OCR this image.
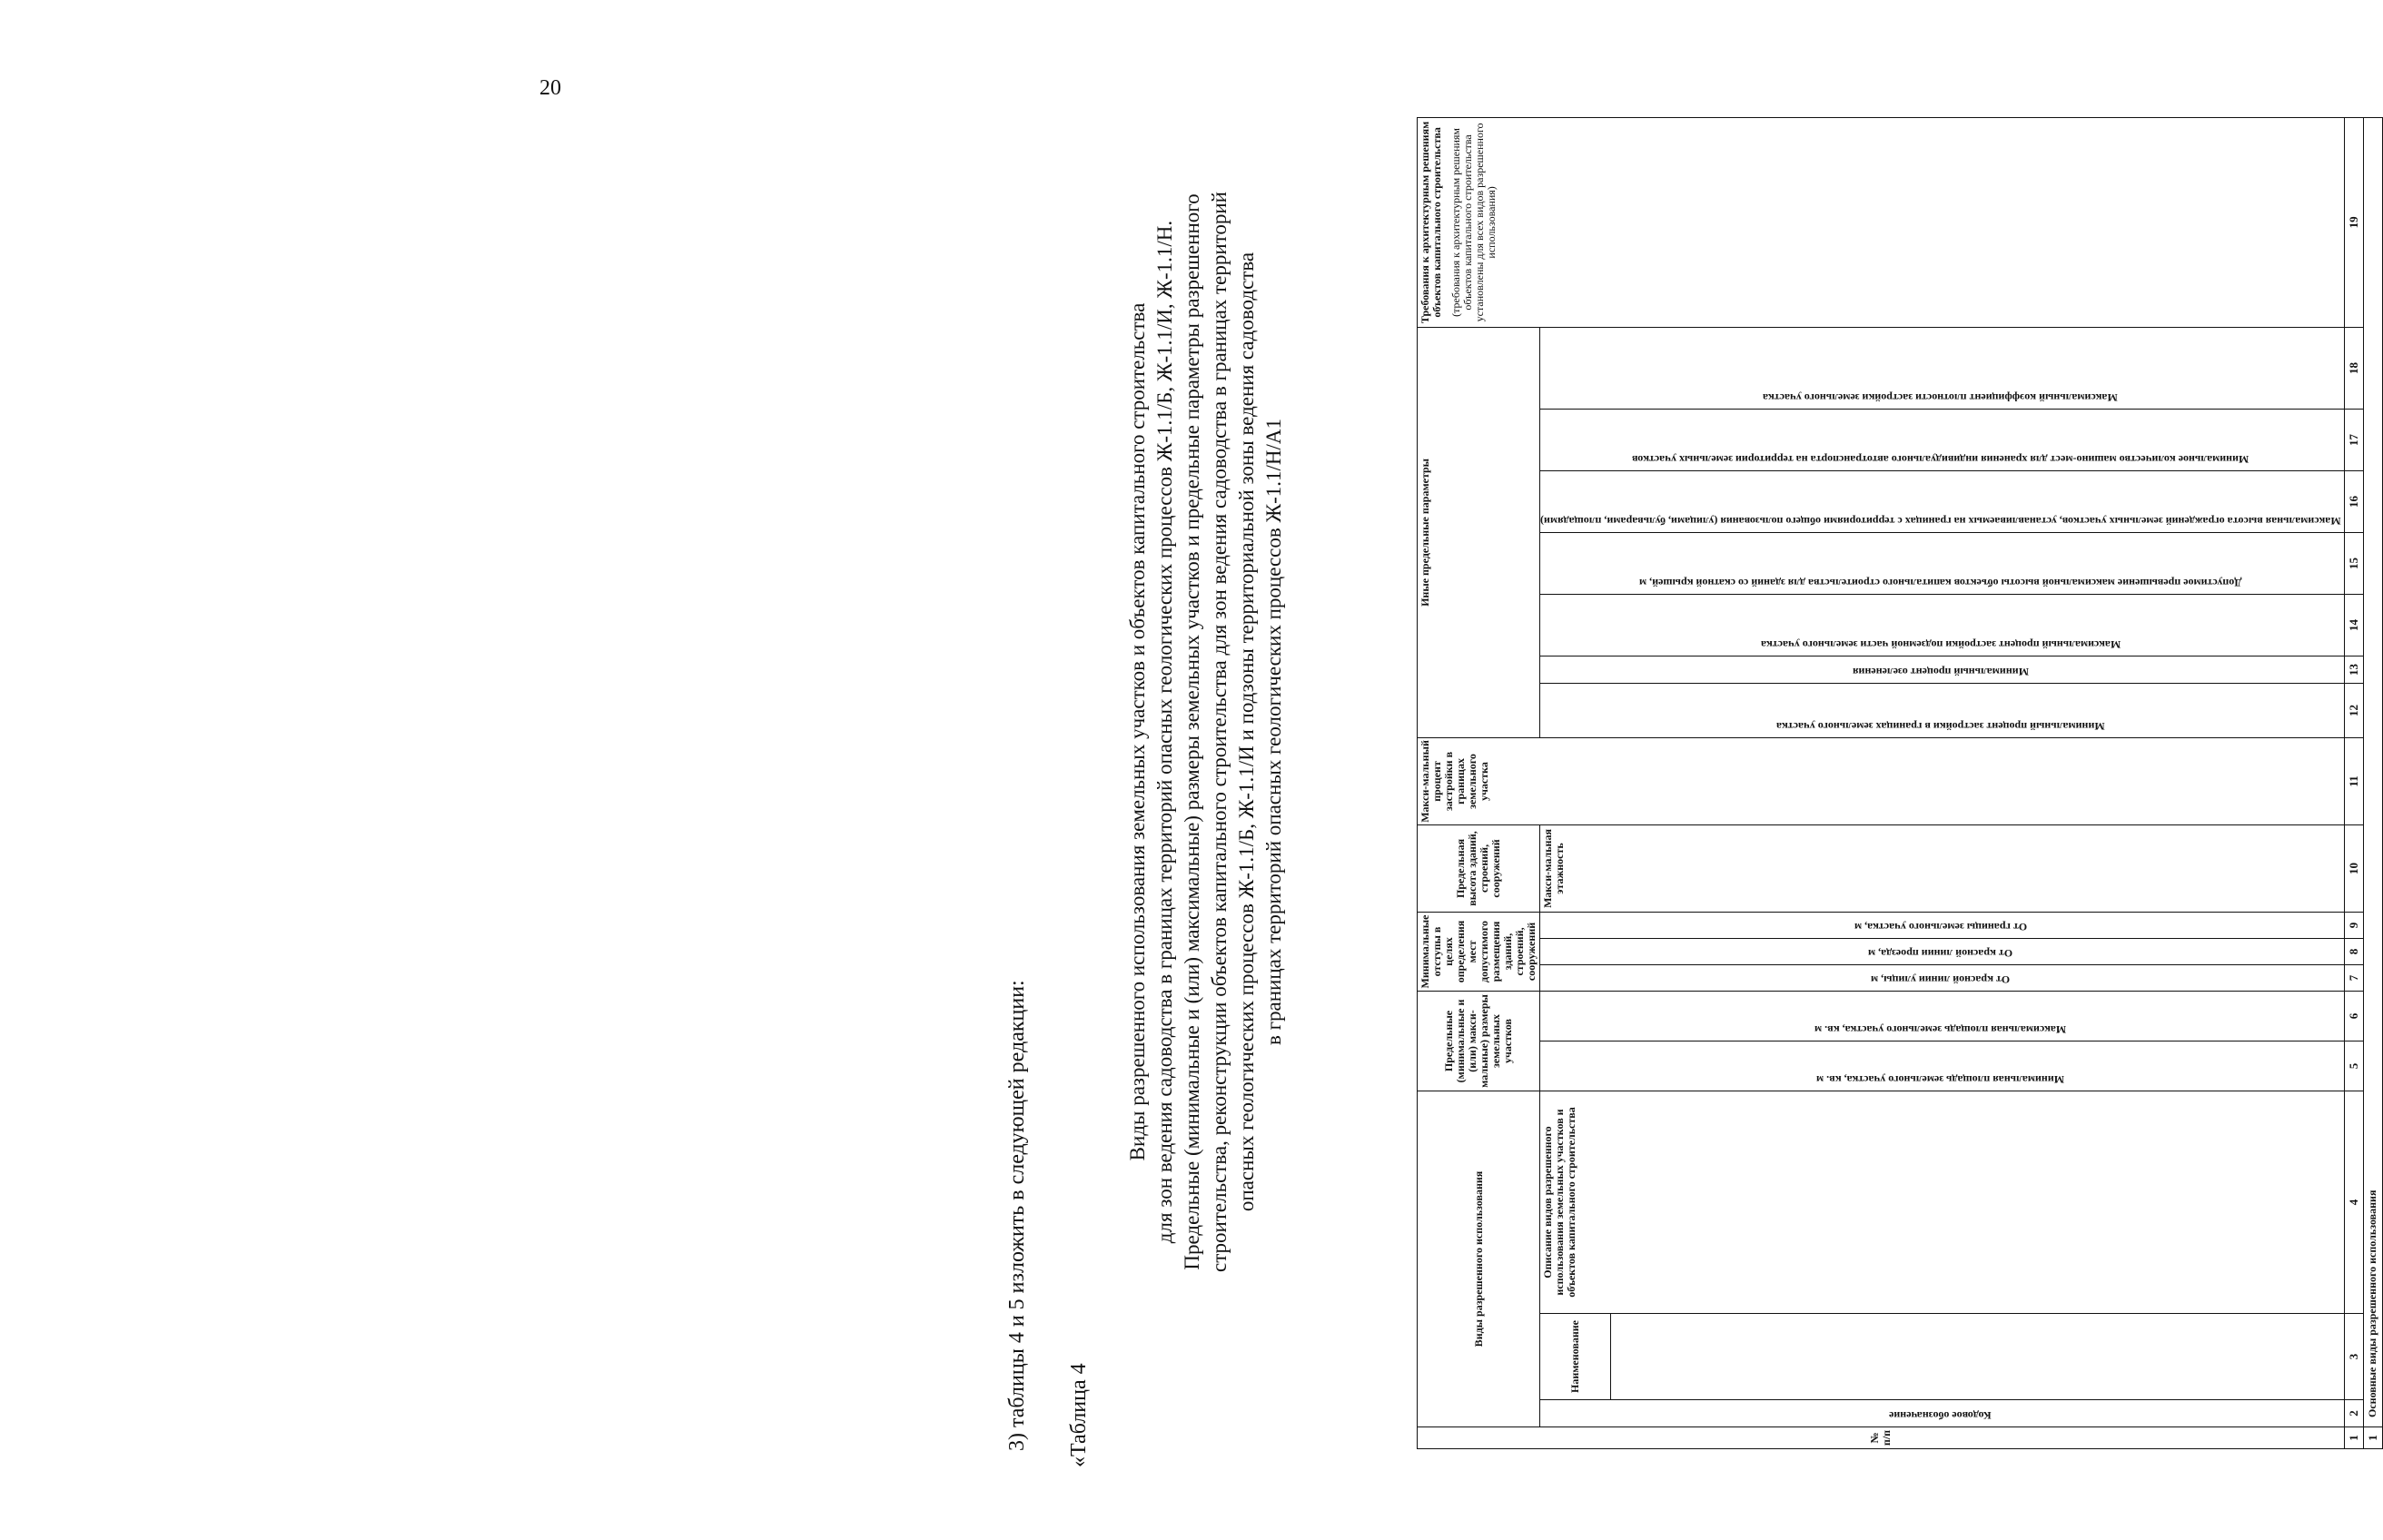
20
3) таблицы 4 и 5 изложить в следующей редакции: «Таблица 4
Виды разрешенного использования земельных участков и объектов капитального строительства для зон ведения садоводства в границах территорий опасных геологических процессов Ж-1.1/Б, Ж-1.1/И, Ж-1.1/Н. Предельные (минимальные и (или) максимальные) размеры земельных участков и предельные параметры разрешенного строительства, реконструкции объектов капитального строительства для зон ведения садоводства в границах территорий опасных геологических процессов Ж-1.1/Б, Ж-1.1/И и подзоны территориальной зоны ведения садоводства в границах территорий опасных геологических процессов Ж-1.1/Н/А1
№ п/п	Виды разрешенного использования			Предельные (минимальные и (или) макси-мальные) размеры земельных участков		Минимальные отступы в целях определения мест допустимого размещения зданий, строений, сооружений			Предельная высота зданий, строений, сооружений	Макси-мальный процент застройки в границах земельного участка	Иные предельные параметры							Требования к архитектурным решениям объектов капитального строительства (требования к архитектурным решениям объектов капитального строительства установлены для всех видов разрешенного использования)

	Кодовое обозначение	Наименование	Описание видов разрешенного использования земельных участков и объектов капитального строительства	Минимальная площадь земельного участка, кв. м	Максимальная площадь земельного участка, кв. м	От красной линии улицы, м	От красной линии проезда, м	От границы земельного участка, м	Макси-мальная этажность		Минимальный процент застройки в границах земельного участка	Минимальный процент озеленения	Максимальный процент застройки подземной части земельного участка	Допустимое превышение максимальной высоты объектов капитального строительства для зданий со скатной крышей, м	Максимальная высота ограждений земельных участков, устанавливаемых на границах с территориями общего пользования (улицами, бульварами, площадями)	Минимальное количество машино-мест для хранения индивидуального автотранспорта на территории земельных участков	Максимальный коэффициент плотности застройки земельного участка	

1	2	3	4	5	6	7	8	9	10	11	12	13	14	15	16	17	18	19
1	Основные виды разрешенного использования																	
